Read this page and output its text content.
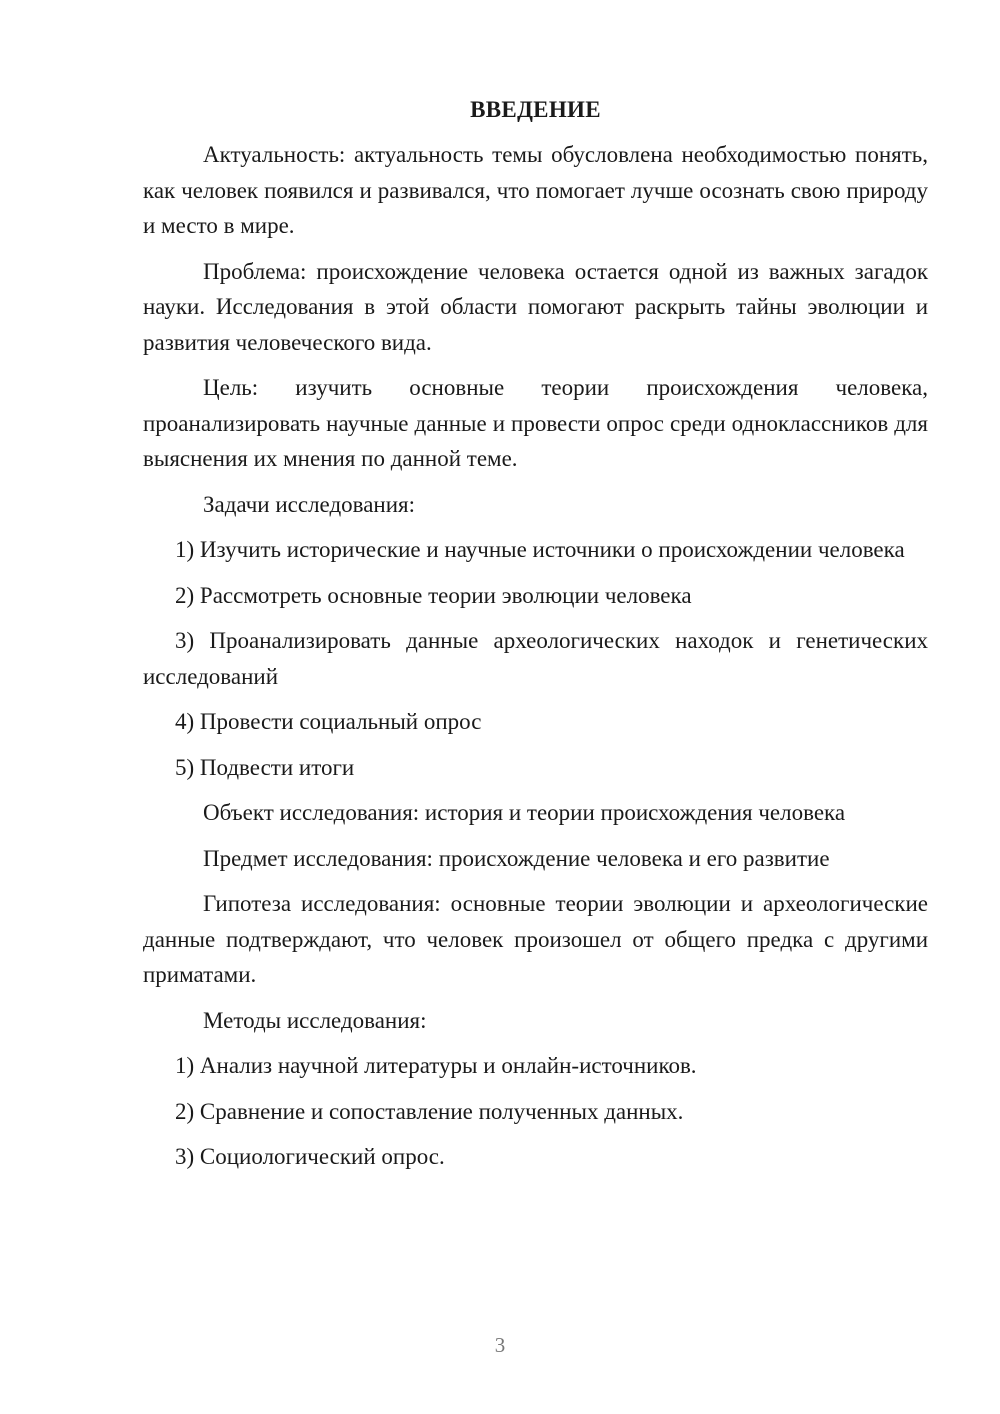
ВВЕДЕНИЕ

Актуальность: актуальность темы обусловлена необходимостью понять, как человек появился и развивался, что помогает лучше осознать свою природу и место в мире.

Проблема: происхождение человека остается одной из важных загадок науки. Исследования в этой области помогают раскрыть тайны эволюции и развития человеческого вида.

Цель: изучить основные теории происхождения человека, проанализировать научные данные и провести опрос среди одноклассников для выяснения их мнения по данной теме.

Задачи исследования:

1) Изучить исторические и научные источники о происхождении человека

2) Рассмотреть основные теории эволюции человека

3) Проанализировать данные археологических находок и генетических исследований

4) Провести социальный опрос

5) Подвести итоги

Объект исследования: история и теории происхождения человека

Предмет исследования: происхождение человека и его развитие

Гипотеза исследования: основные теории эволюции и археологические данные подтверждают, что человек произошел от общего предка с другими приматами.

Методы исследования:

1) Анализ научной литературы и онлайн-источников.

2) Сравнение и сопоставление полученных данных.

3) Социологический опрос.

3
